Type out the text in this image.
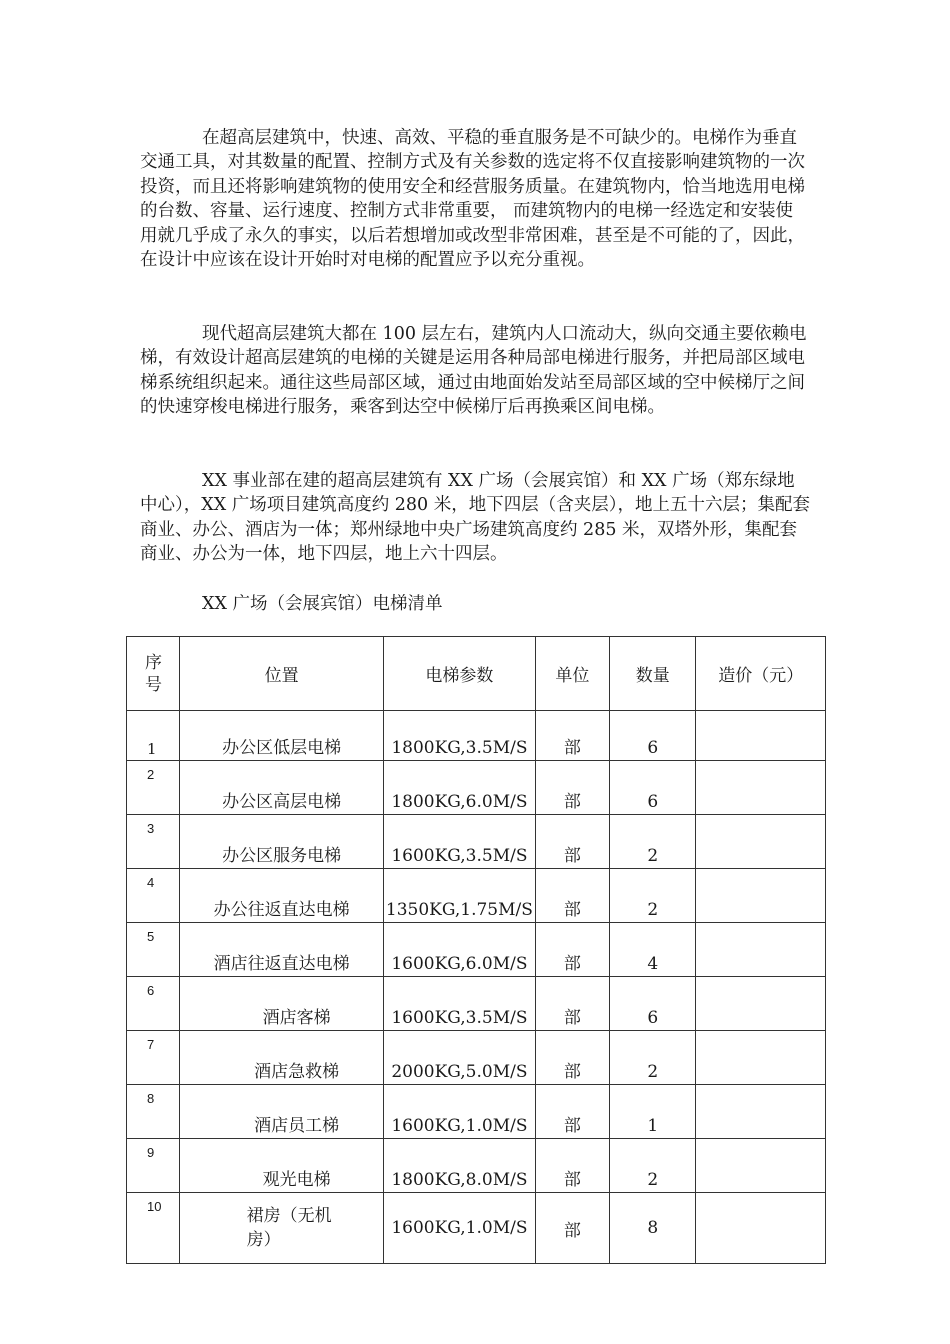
在超高层建筑中，快速、高效、平稳的垂直服务是不可缺少的。电梯作为垂直交通工具，对其数量的配置、控制方式及有关参数的选定将不仅直接影响建筑物的一次投资，而且还将影响建筑物的使用安全和经营服务质量。在建筑物内，恰当地选用电梯的台数、容量、运行速度、控制方式非常重要， 而建筑物内的电梯一经选定和安装使用就几乎成了永久的事实，以后若想增加或改型非常困难，甚至是不可能的了，因此，在设计中应该在设计开始时对电梯的配置应予以充分重视。

现代超高层建筑大都在 100 层左右，建筑内人口流动大，纵向交通主要依赖电梯，有效设计超高层建筑的电梯的关键是运用各种局部电梯进行服务，并把局部区域电梯系统组织起来。通往这些局部区域，通过由地面始发站至局部区域的空中候梯厅之间的快速穿梭电梯进行服务，乘客到达空中候梯厅后再换乘区间电梯。

XX 事业部在建的超高层建筑有 XX 广场（会展宾馆）和 XX 广场（郑东绿地中心），XX 广场项目建筑高度约 280 米，地下四层（含夹层），地上五十六层；集配套商业、办公、酒店为一体；郑州绿地中央广场建筑高度约 285 米，双塔外形，集配套商业、办公为一体，地下四层，地上六十四层。

XX 广场（会展宾馆）电梯清单

序号	位置	电梯参数	单位	数量	造价（元）
1	办公区低层电梯	1800KG,3.5M/S	部	6	
2	办公区高层电梯	1800KG,6.0M/S	部	6	
3	办公区服务电梯	1600KG,3.5M/S	部	2	
4	办公往返直达电梯	1350KG,1.75M/S	部	2	
5	酒店往返直达电梯	1600KG,6.0M/S	部	4	
6	酒店客梯	1600KG,3.5M/S	部	6	
7	酒店急救梯	2000KG,5.0M/S	部	2	
8	酒店员工梯	1600KG,1.0M/S	部	1	
9	观光电梯	1800KG,8.0M/S	部	2	
10	裙房（无机房）	1600KG,1.0M/S	部	8	
